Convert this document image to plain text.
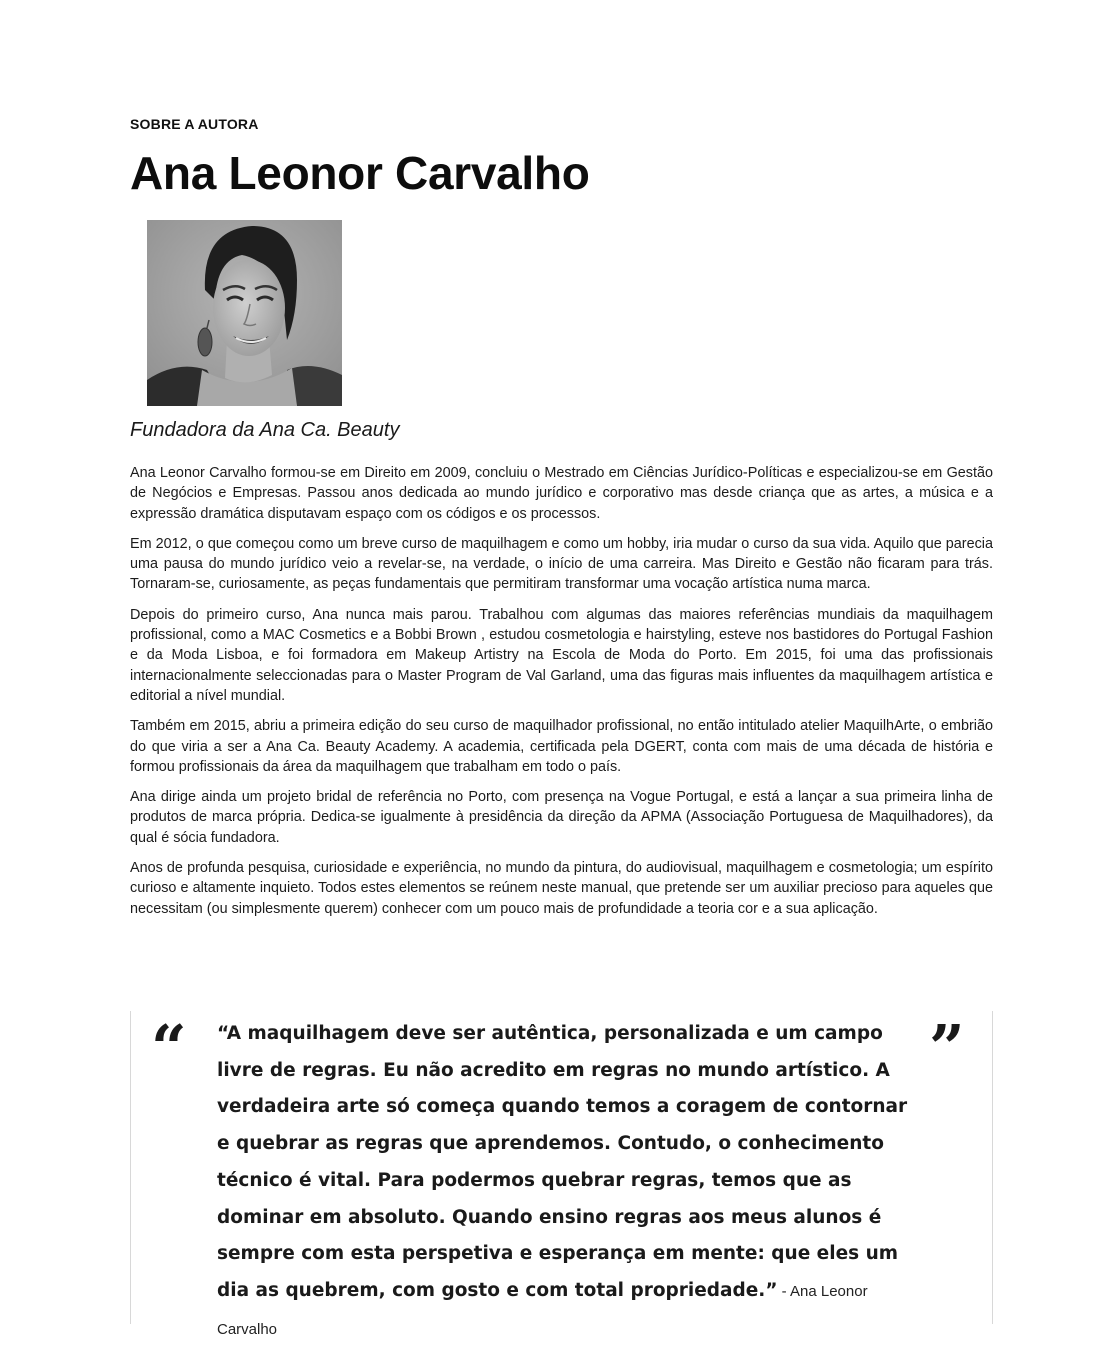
SOBRE A AUTORA

Ana Leonor Carvalho

Fundadora da Ana Ca. Beauty

Ana Leonor Carvalho formou-se em Direito em 2009, concluiu o Mestrado em Ciências Jurídico-Políticas e especializou-se em Gestão de Negócios e Empresas. Passou anos dedicada ao mundo jurídico e corporativo mas desde criança que as artes, a música e a expressão dramática disputavam espaço com os códigos e os processos.

Em 2012, o que começou como um breve curso de maquilhagem e como um hobby, iria mudar o curso da sua vida. Aquilo que parecia uma pausa do mundo jurídico veio a revelar-se, na verdade, o início de uma carreira. Mas Direito e Gestão não ficaram para trás. Tornaram-se, curiosamente, as peças fundamentais que permitiram transformar uma vocação artística numa marca.

Depois do primeiro curso, Ana nunca mais parou. Trabalhou com algumas das maiores referências mundiais da maquilhagem profissional, como a MAC Cosmetics e a Bobbi Brown , estudou cosmetologia e hairstyling, esteve nos bastidores do Portugal Fashion e da Moda Lisboa, e foi formadora em Makeup Artistry na Escola de Moda do Porto. Em 2015, foi uma das profissionais internacionalmente seleccionadas para o Master Program de Val Garland, uma das figuras mais influentes da maquilhagem artística e editorial a nível mundial.

Também em 2015, abriu a primeira edição do seu curso de maquilhador profissional, no então intitulado atelier MaquilhArte, o embrião do que viria a ser a Ana Ca. Beauty Academy. A academia, certificada pela DGERT, conta com mais de uma década de história e formou profissionais da área da maquilhagem que trabalham em todo o país.

Ana dirige ainda um projeto bridal de referência no Porto, com presença na Vogue Portugal, e está a lançar a sua primeira linha de produtos de marca própria. Dedica-se igualmente à presidência da direção da APMA (Associação Portuguesa de Maquilhadores), da qual é sócia fundadora.

Anos de profunda pesquisa, curiosidade e experiência, no mundo da pintura, do audiovisual, maquilhagem e cosmetologia; um espírito curioso e altamente inquieto. Todos estes elementos se reúnem neste manual, que pretende ser um auxiliar precioso para aqueles que necessitam (ou simplesmente querem) conhecer com um pouco mais de profundidade a teoria cor e a sua aplicação.

“ “A maquilhagem deve ser autêntica, personalizada e um campo livre de regras. Eu não acredito em regras no mundo artístico. A verdadeira arte só começa quando temos a coragem de contornar e quebrar as regras que aprendemos. Contudo, o conhecimento técnico é vital. Para podermos quebrar regras, temos que as dominar em absoluto. Quando ensino regras aos meus alunos é sempre com esta perspetiva e esperança em mente: que eles um dia as quebrem, com gosto e com total propriedade.” - Ana Leonor Carvalho

”
